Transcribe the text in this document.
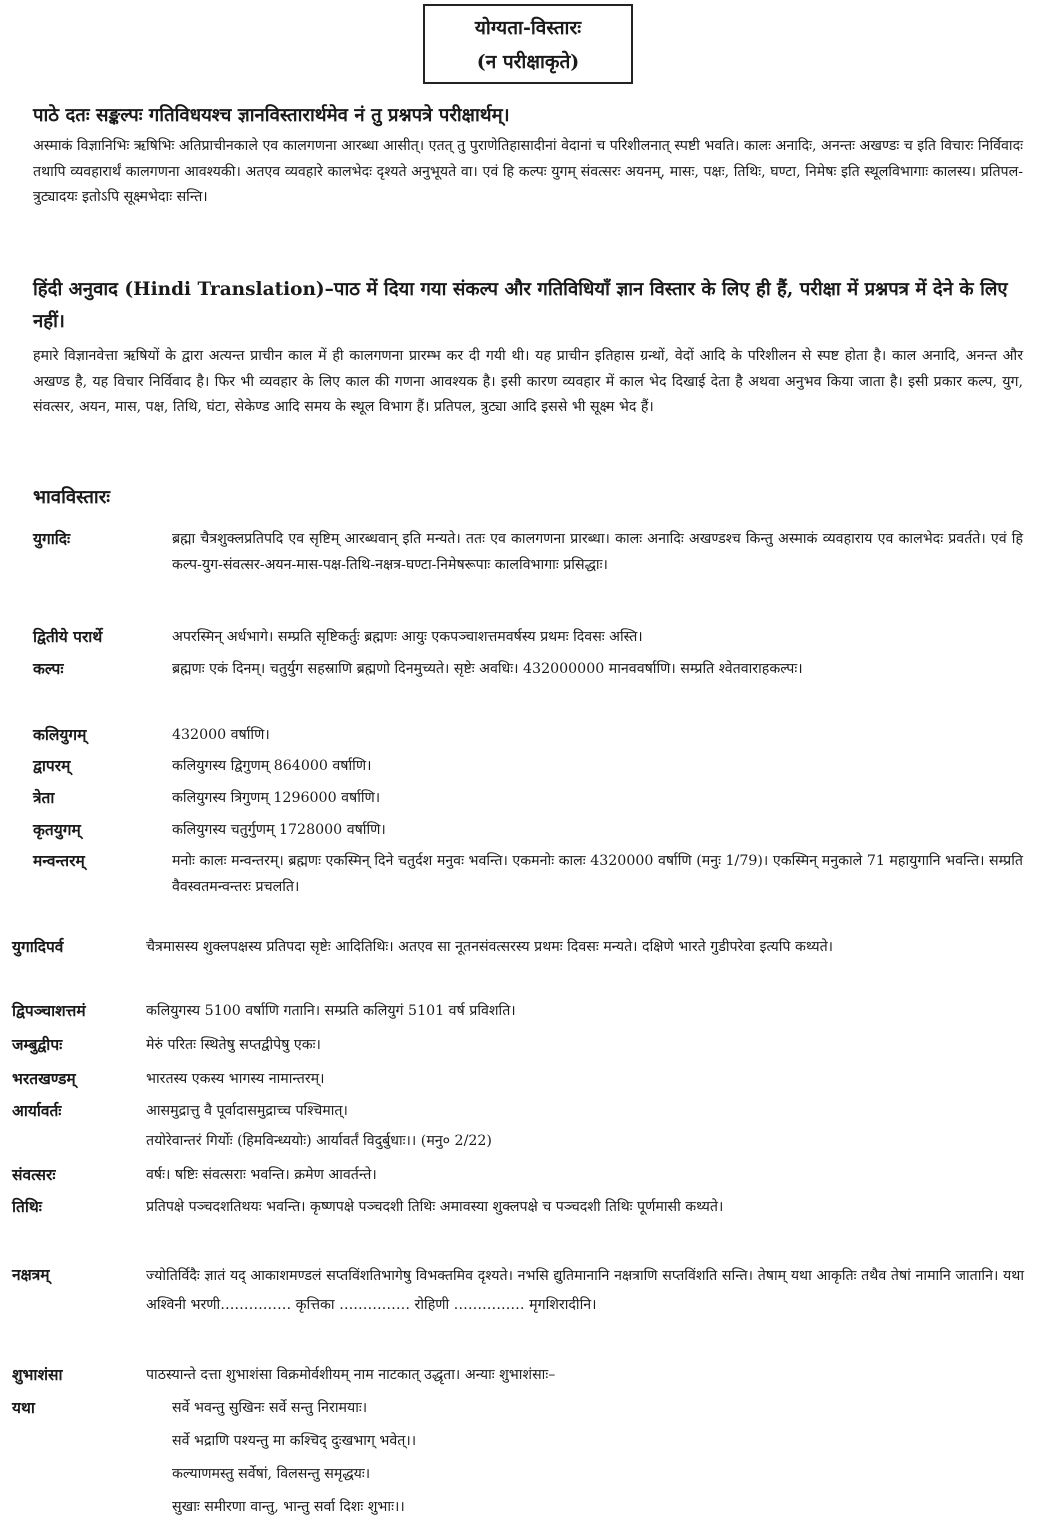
योग्यता-विस्तारः
(न परीक्षाकृते)
पाठे दतः सङ्कल्पः गतिविधयश्च ज्ञानविस्तारार्थमेव नं तु प्रश्नपत्रे परीक्षार्थम्।
अस्माकं विज्ञानिभिः ऋषिभिः अतिप्राचीनकाले एव कालगणना आरब्धा आसीत्। एतत् तु पुराणेतिहासादीनां वेदानां च परिशीलनात् स्पष्टी भवति। कालः अनादिः, अनन्तः अखण्डः च इति विचारः निर्विवादः तथापि व्यवहारार्थं कालगणना आवश्यकी। अतएव व्यवहारे कालभेदः दृश्यते अनुभूयते वा। एवं हि कल्पः युगम् संवत्सरः अयनम्, मासः, पक्षः, तिथिः, घण्टा, निमेषः इति स्थूलविभागाः कालस्य। प्रतिपल-त्रुट्यादयः इतोऽपि सूक्ष्मभेदाः सन्ति।
हिंदी अनुवाद (Hindi Translation)–पाठ में दिया गया संकल्प और गतिविधियाँ ज्ञान विस्तार के लिए ही हैं, परीक्षा में प्रश्नपत्र में देने के लिए नहीं।
हमारे विज्ञानवेत्ता ऋषियों के द्वारा अत्यन्त प्राचीन काल में ही कालगणना प्रारम्भ कर दी गयी थी। यह प्राचीन इतिहास ग्रन्थों, वेदों आदि के परिशीलन से स्पष्ट होता है। काल अनादि, अनन्त और अखण्ड है, यह विचार निर्विवाद है। फिर भी व्यवहार के लिए काल की गणना आवश्यक है। इसी कारण व्यवहार में काल भेद दिखाई देता है अथवा अनुभव किया जाता है। इसी प्रकार कल्प, युग, संवत्सर, अयन, मास, पक्ष, तिथि, घंटा, सेकेण्ड आदि समय के स्थूल विभाग हैं। प्रतिपल, त्रुट्या आदि इससे भी सूक्ष्म भेद हैं।
भावविस्तारः
युगादिः	ब्रह्मा चैत्रशुक्लप्रतिपदि एव सृष्टिम् आरब्धवान् इति मन्यते। ततः एव कालगणना प्रारब्धा। कालः अनादिः अखण्डश्च किन्तु अस्माकं व्यवहाराय एव कालभेदः प्रवर्तते। एवं हि कल्प-युग-संवत्सर-अयन-मास-पक्ष-तिथि-नक्षत्र-घण्टा-निमेषरूपाः कालविभागाः प्रसिद्धाः।
द्वितीये परार्थे	अपरस्मिन् अर्धभागे। सम्प्रति सृष्टिकर्तुः ब्रह्मणः आयुः एकपञ्चाशत्तमवर्षस्य प्रथमः दिवसः अस्ति।
कल्पः	ब्रह्मणः एकं दिनम्। चतुर्युग सहस्राणि ब्रह्मणो दिनमुच्यते। सृष्टेः अवधिः। 432000000 मानववर्षाणि। सम्प्रति श्वेतवाराहकल्पः।
कलियुगम्	432000 वर्षाणि।
द्वापरम्	कलियुगस्य द्विगुणम् 864000 वर्षाणि।
त्रेता	कलियुगस्य त्रिगुणम् 1296000 वर्षाणि।
कृतयुगम्	कलियुगस्य चतुर्गुणम् 1728000 वर्षाणि।
मन्वन्तरम्	मनोः कालः मन्वन्तरम्। ब्रह्मणः एकस्मिन् दिने चतुर्दश मनुवः भवन्ति। एकमनोः कालः 4320000 वर्षाणि (मनुः 1/79)। एकस्मिन् मनुकाले 71 महायुगानि भवन्ति। सम्प्रति वैवस्वतमन्वन्तरः प्रचलति।
युगादिपर्व	चैत्रमासस्य शुक्लपक्षस्य प्रतिपदा सृष्टेः आदितिथिः। अतएव सा नूतनसंवत्सरस्य प्रथमः दिवसः मन्यते। दक्षिणे भारते गुडीपरेवा इत्यपि कथ्यते।
द्विपञ्चाशत्तमं	कलियुगस्य 5100 वर्षाणि गतानि। सम्प्रति कलियुगं 5101 वर्ष प्रविशति।
जम्बुद्वीपः	मेरुं परितः स्थितेषु सप्तद्वीपेषु एकः।
भरतखण्डम्	भारतस्य एकस्य भागस्य नामान्तरम्।
आर्यावर्तः	आसमुद्रात्तु वै पूर्वादासमुद्राच्च पश्चिमात्।
तयोरेवान्तरं गिर्योः (हिमविन्ध्ययोः) आर्यावर्तं विदुर्बुधाः।। (मनु० 2/22)
संवत्सरः	वर्षः। षष्टिः संवत्सराः भवन्ति। क्रमेण आवर्तन्ते।
तिथिः	प्रतिपक्षे पञ्चदशतिथयः भवन्ति। कृष्णपक्षे पञ्चदशी तिथिः अमावस्या शुक्लपक्षे च पञ्चदशी तिथिः पूर्णमासी कथ्यते।
नक्षत्रम्	ज्योतिर्विदैः ज्ञातं यद् आकाशमण्डलं सप्तविंशतिभागेषु विभक्तमिव दृश्यते। नभसि द्युतिमानानि नक्षत्राणि सप्तविंशति सन्ति। तेषाम् यथा आकृतिः तथैव तेषां नामानि जातानि। यथा अश्विनी भरणी…………… कृत्तिका …………… रोहिणी …………… मृगशिरादीनि।
शुभाशंसा	पाठस्यान्ते दत्ता शुभाशंसा विक्रमोर्वशीयम् नाम नाटकात् उद्धृता। अन्याः शुभाशंसाः–
यथा	सर्वे भवन्तु सुखिनः सर्वे सन्तु निरामयाः।
सर्वे भद्राणि पश्यन्तु मा कश्चिद् दुःखभाग् भवेत्।।
कल्याणमस्तु सर्वेषां, विलसन्तु समृद्धयः।
सुखाः समीरणा वान्तु, भान्तु सर्वा दिशः शुभाः।।
